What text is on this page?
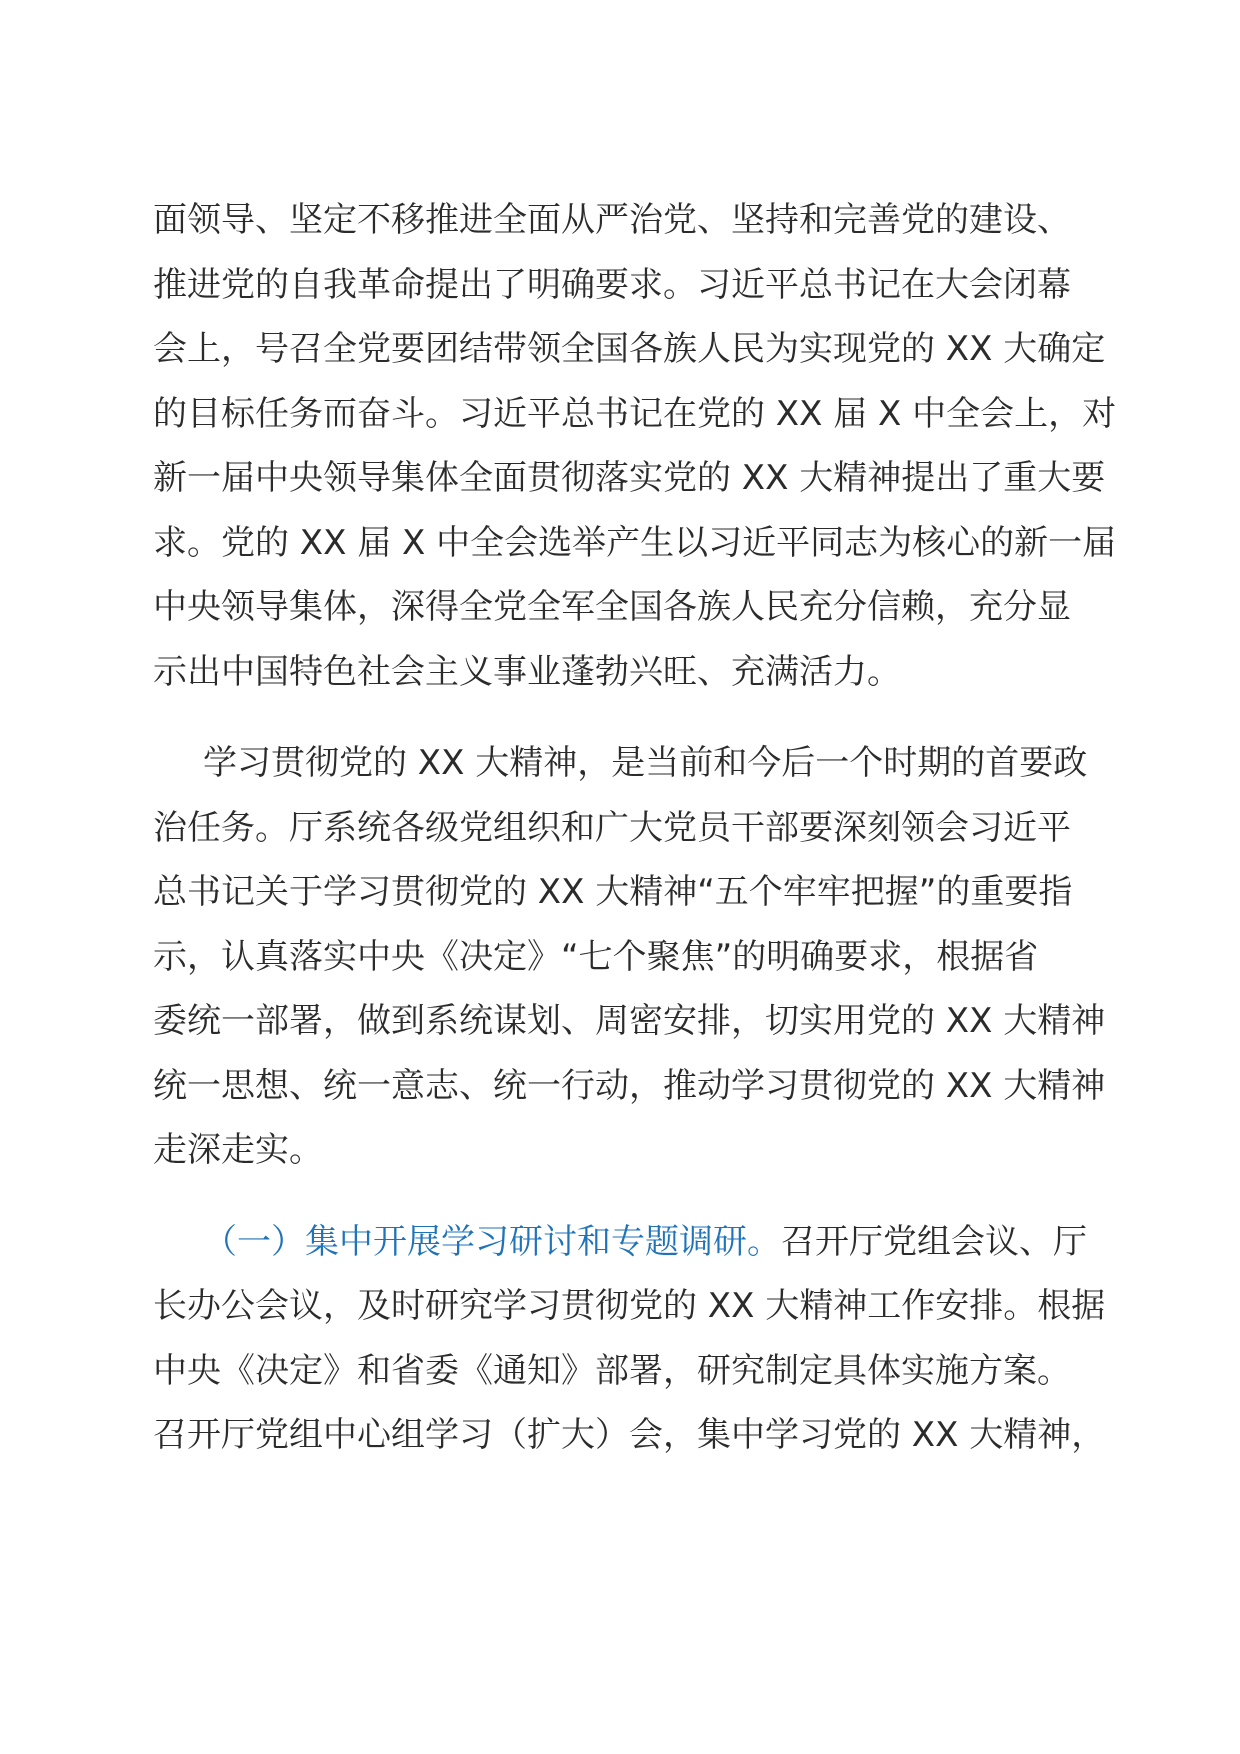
面领导、坚定不移推进全面从严治党、坚持和完善党的建设、
推进党的自我革命提出了明确要求。习近平总书记在大会闭幕
会上，号召全党要团结带领全国各族人民为实现党的 XX 大确定
的目标任务而奋斗。习近平总书记在党的 XX 届 X 中全会上，对
新一届中央领导集体全面贯彻落实党的 XX 大精神提出了重大要
求。党的 XX 届 X 中全会选举产生以习近平同志为核心的新一届
中央领导集体，深得全党全军全国各族人民充分信赖，充分显
示出中国特色社会主义事业蓬勃兴旺、充满活力。

学习贯彻党的 XX 大精神，是当前和今后一个时期的首要政
治任务。厅系统各级党组织和广大党员干部要深刻领会习近平
总书记关于学习贯彻党的 XX 大精神“五个牢牢把握”的重要指
示，认真落实中央《决定》“七个聚焦”的明确要求，根据省
委统一部署，做到系统谋划、周密安排，切实用党的 XX 大精神
统一思想、统一意志、统一行动，推动学习贯彻党的 XX 大精神
走深走实。

（一）集中开展学习研讨和专题调研。召开厅党组会议、厅
长办公会议，及时研究学习贯彻党的 XX 大精神工作安排。根据
中央《决定》和省委《通知》部署，研究制定具体实施方案。
召开厅党组中心组学习（扩大）会，集中学习党的 XX 大精神，
